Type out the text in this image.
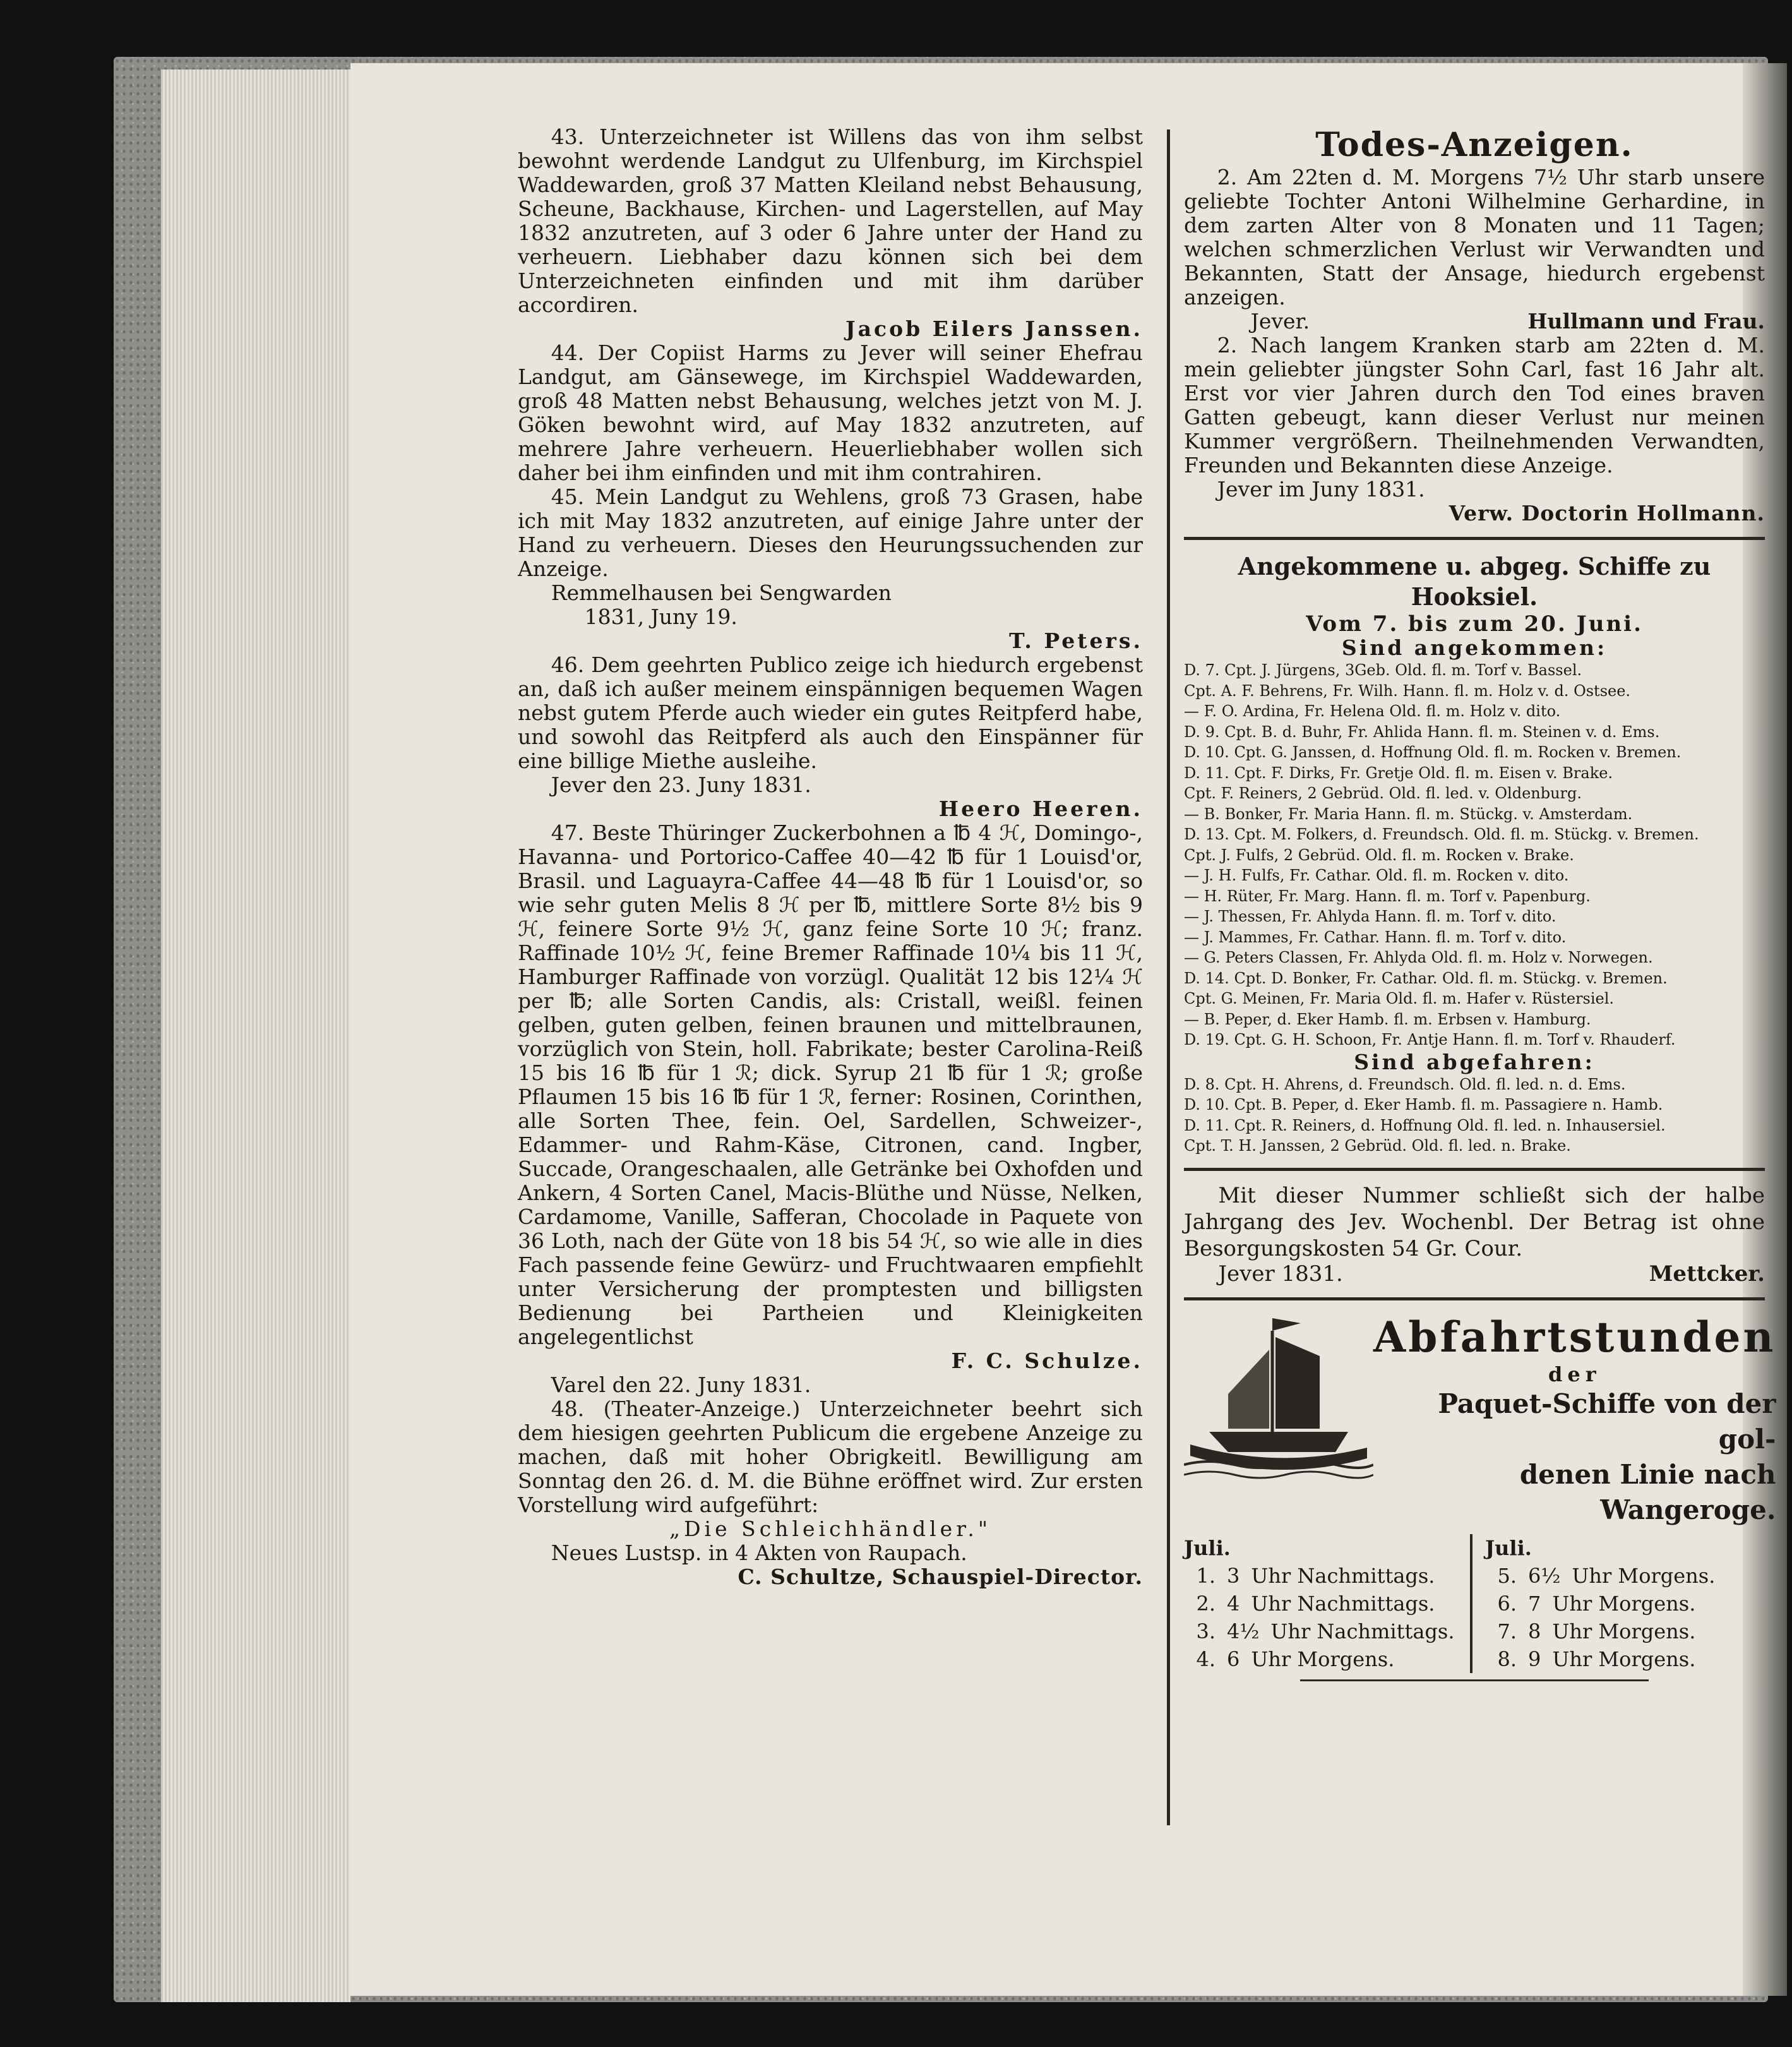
43. Unterzeichneter ist Willens das von ihm selbst bewohnt werdende Landgut zu Ulfenburg, im Kirchspiel Waddewarden, groß 37 Matten Kleiland nebst Behausung, Scheune, Backhause, Kirchen- und Lagerstellen, auf May 1832 anzutreten, auf 3 oder 6 Jahre unter der Hand zu verheuern. Liebhaber dazu können sich bei dem Unterzeichneten einfinden und mit ihm darüber accordiren.

Jacob Eilers Janssen.

44. Der Copiist Harms zu Jever will seiner Ehefrau Landgut, am Gänsewege, im Kirchspiel Waddewarden, groß 48 Matten nebst Behausung, welches jetzt von M. J. Göken bewohnt wird, auf May 1832 anzutreten, auf mehrere Jahre verheuern. Heuerliebhaber wollen sich daher bei ihm einfinden und mit ihm contrahiren.

45. Mein Landgut zu Wehlens, groß 73 Grasen, habe ich mit May 1832 anzutreten, auf einige Jahre unter der Hand zu verheuern. Dieses den Heurungssuchenden zur Anzeige.

Remmelhausen bei Sengwarden

1831, Juny 19.

T. Peters.

46. Dem geehrten Publico zeige ich hiedurch ergebenst an, daß ich außer meinem einspännigen bequemen Wagen nebst gutem Pferde auch wieder ein gutes Reitpferd habe, und sowohl das Reitpferd als auch den Einspänner für eine billige Miethe ausleihe.

Jever den 23. Juny 1831.

Heero Heeren.

47. Beste Thüringer Zuckerbohnen a ℔ 4 ℋ, Domingo-, Havanna- und Portorico-Caffee 40—42 ℔ für 1 Louisd'or, Brasil. und Laguayra-Caffee 44—48 ℔ für 1 Louisd'or, so wie sehr guten Melis 8 ℋ per ℔, mittlere Sorte 8½ bis 9 ℋ, feinere Sorte 9½ ℋ, ganz feine Sorte 10 ℋ; franz. Raffinade 10½ ℋ, feine Bremer Raffinade 10¼ bis 11 ℋ, Hamburger Raffinade von vorzügl. Qualität 12 bis 12¼ ℋ per ℔; alle Sorten Candis, als: Cristall, weißl. feinen gelben, guten gelben, feinen braunen und mittelbraunen, vorzüglich von Stein, holl. Fabrikate; bester Carolina-Reiß 15 bis 16 ℔ für 1 ℛ; dick. Syrup 21 ℔ für 1 ℛ; große Pflaumen 15 bis 16 ℔ für 1 ℛ, ferner: Rosinen, Corinthen, alle Sorten Thee, fein. Oel, Sardellen, Schweizer-, Edammer- und Rahm-Käse, Citronen, cand. Ingber, Succade, Orangeschaalen, alle Getränke bei Oxhofden und Ankern, 4 Sorten Canel, Macis-Blüthe und Nüsse, Nelken, Cardamome, Vanille, Safferan, Chocolade in Paquete von 36 Loth, nach der Güte von 18 bis 54 ℋ, so wie alle in dies Fach passende feine Gewürz- und Fruchtwaaren empfiehlt unter Versicherung der promptesten und billigsten Bedienung bei Partheien und Kleinigkeiten angelegentlichst

F. C. Schulze.

Varel den 22. Juny 1831.

48. (Theater-Anzeige.) Unterzeichneter beehrt sich dem hiesigen geehrten Publicum die ergebene Anzeige zu machen, daß mit hoher Obrigkeitl. Bewilligung am Sonntag den 26. d. M. die Bühne eröffnet wird. Zur ersten Vorstellung wird aufgeführt:

„Die Schleichhändler."

Neues Lustsp. in 4 Akten von Raupach.

C. Schultze, Schauspiel-Director.

Todes-Anzeigen.

2. Am 22ten d. M. Morgens 7½ Uhr starb unsere geliebte Tochter Antoni Wilhelmine Gerhardine, in dem zarten Alter von 8 Monaten und 11 Tagen; welchen schmerzlichen Verlust wir Verwandten und Bekannten, Statt der Ansage, hiedurch ergebenst anzeigen.

Jever.	Hullmann und Frau.

2. Nach langem Kranken starb am 22ten d. M. mein geliebter jüngster Sohn Carl, fast 16 Jahr alt. Erst vor vier Jahren durch den Tod eines braven Gatten gebeugt, kann dieser Verlust nur meinen Kummer vergrößern. Theilnehmenden Verwandten, Freunden und Bekannten diese Anzeige.

Jever im Juny 1831.

Verw. Doctorin Hollmann.

Angekommene u. abgeg. Schiffe zu Hooksiel.
Vom 7. bis zum 20. Juni.
Sind angekommen:
D. 7. Cpt. J. Jürgens, 3Geb. Old. fl. m. Torf v. Bassel.
Cpt. A. F. Behrens, Fr. Wilh. Hann. fl. m. Holz v. d. Ostsee.
— F. O. Ardina, Fr. Helena Old. fl. m. Holz v. dito.
D. 9. Cpt. B. d. Buhr, Fr. Ahlida Hann. fl. m. Steinen v. d. Ems.
D. 10. Cpt. G. Janssen, d. Hoffnung Old. fl. m. Rocken v. Bremen.
D. 11. Cpt. F. Dirks, Fr. Gretje Old. fl. m. Eisen v. Brake.
Cpt. F. Reiners, 2 Gebrüd. Old. fl. led. v. Oldenburg.
— B. Bonker, Fr. Maria Hann. fl. m. Stückg. v. Amsterdam.
D. 13. Cpt. M. Folkers, d. Freundsch. Old. fl. m. Stückg. v. Bremen.
Cpt. J. Fulfs, 2 Gebrüd. Old. fl. m. Rocken v. Brake.
— J. H. Fulfs, Fr. Cathar. Old. fl. m. Rocken v. dito.
— H. Rüter, Fr. Marg. Hann. fl. m. Torf v. Papenburg.
— J. Thessen, Fr. Ahlyda Hann. fl. m. Torf v. dito.
— J. Mammes, Fr. Cathar. Hann. fl. m. Torf v. dito.
— G. Peters Classen, Fr. Ahlyda Old. fl. m. Holz v. Norwegen.
D. 14. Cpt. D. Bonker, Fr. Cathar. Old. fl. m. Stückg. v. Bremen.
Cpt. G. Meinen, Fr. Maria Old. fl. m. Hafer v. Rüstersiel.
— B. Peper, d. Eker Hamb. fl. m. Erbsen v. Hamburg.
D. 19. Cpt. G. H. Schoon, Fr. Antje Hann. fl. m. Torf v. Rhauderf.
Sind abgefahren:
D. 8. Cpt. H. Ahrens, d. Freundsch. Old. fl. led. n. d. Ems.
D. 10. Cpt. B. Peper, d. Eker Hamb. fl. m. Passagiere n. Hamb.
D. 11. Cpt. R. Reiners, d. Hoffnung Old. fl. led. n. Inhausersiel.
Cpt. T. H. Janssen, 2 Gebrüd. Old. fl. led. n. Brake.

Mit dieser Nummer schließt sich der halbe Jahrgang des Jev. Wochenbl. Der Betrag ist ohne Besorgungskosten 54 Gr. Cour.

Jever 1831.	Mettcker.

Abfahrtstunden
der
Paquet-Schiffe von der gol-
denen Linie nach Wangeroge.
Juli.
1. 3 Uhr Nachmittags.
2. 4 Uhr Nachmittags.
3. 4½ Uhr Nachmittags.
4. 6 Uhr Morgens.
Juli.
5. 6½ Uhr Morgens.
6. 7 Uhr Morgens.
7. 8 Uhr Morgens.
8. 9 Uhr Morgens.
